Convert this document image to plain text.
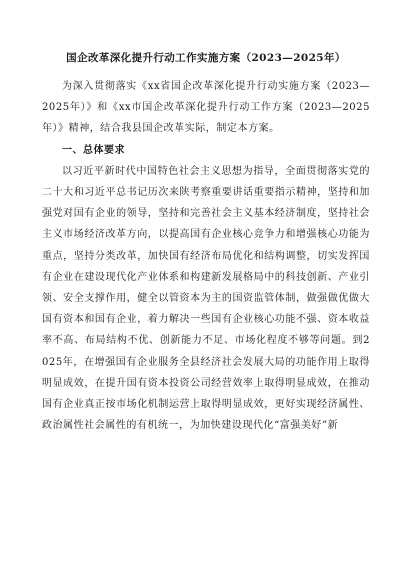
国企改革深化提升行动工作实施方案（2023—2025年）

为深入贯彻落实《xx省国企改革深化提升行动实施方案（2023—2025年）》和《xx市国企改革深化提升行动工作方案（2023—2025年）》精神，结合我县国企改革实际，制定本方案。

一、总体要求

以习近平新时代中国特色社会主义思想为指导，全面贯彻落实党的二十大和习近平总书记历次来陕考察重要讲话重要指示精神，坚持和加强党对国有企业的领导，坚持和完善社会主义基本经济制度，坚持社会主义市场经济改革方向，以提高国有企业核心竞争力和增强核心功能为重点，坚持分类改革，加快国有经济布局优化和结构调整，切实发挥国有企业在建设现代化产业体系和构建新发展格局中的科技创新、产业引领、安全支撑作用，健全以管资本为主的国资监管体制，做强做优做大国有资本和国有企业，着力解决一些国有企业核心功能不强、资本收益率不高、布局结构不优、创新能力不足、市场化程度不够等问题。到2025年，在增强国有企业服务全县经济社会发展大局的功能作用上取得明显成效，在提升国有资本投资公司经营效率上取得明显成效，在推动国有企业真正按市场化机制运营上取得明显成效，更好实现经济属性、政治属性社会属性的有机统一，为加快建设现代化“富强美好”新
